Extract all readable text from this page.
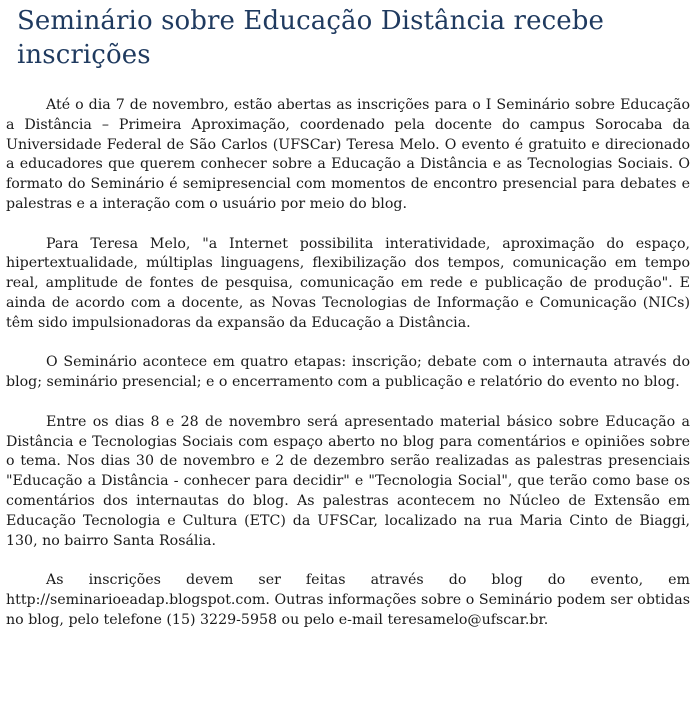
Seminário sobre Educação Distância recebe inscrições

Até o dia 7 de novembro, estão abertas as inscrições para o I Seminário sobre Educação a Distância – Primeira Aproximação, coordenado pela docente do campus Sorocaba da Universidade Federal de São Carlos (UFSCar) Teresa Melo. O evento é gratuito e direcionado a educadores que querem conhecer sobre a Educação a Distância e as Tecnologias Sociais. O formato do Seminário é semipresencial com momentos de encontro presencial para debates e palestras e a interação com o usuário por meio do blog.

Para Teresa Melo, "a Internet possibilita interatividade, aproximação do espaço, hipertextualidade, múltiplas linguagens, flexibilização dos tempos, comunicação em tempo real, amplitude de fontes de pesquisa, comunicação em rede e publicação de produção". E ainda de acordo com a docente, as Novas Tecnologias de Informação e Comunicação (NICs) têm sido impulsionadoras da expansão da Educação a Distância.

O Seminário acontece em quatro etapas: inscrição; debate com o internauta através do blog; seminário presencial; e o encerramento com a publicação e relatório do evento no blog.

Entre os dias 8 e 28 de novembro será apresentado material básico sobre Educação a Distância e Tecnologias Sociais com espaço aberto no blog para comentários e opiniões sobre o tema. Nos dias 30 de novembro e 2 de dezembro serão realizadas as palestras presenciais "Educação a Distância - conhecer para decidir" e "Tecnologia Social", que terão como base os comentários dos internautas do blog. As palestras acontecem no Núcleo de Extensão em Educação Tecnologia e Cultura (ETC) da UFSCar, localizado na rua Maria Cinto de Biaggi, 130, no bairro Santa Rosália.

As inscrições devem ser feitas através do blog do evento, em http://seminarioeadap.blogspot.com. Outras informações sobre o Seminário podem ser obtidas no blog, pelo telefone (15) 3229-5958 ou pelo e-mail teresamelo@ufscar.br.
